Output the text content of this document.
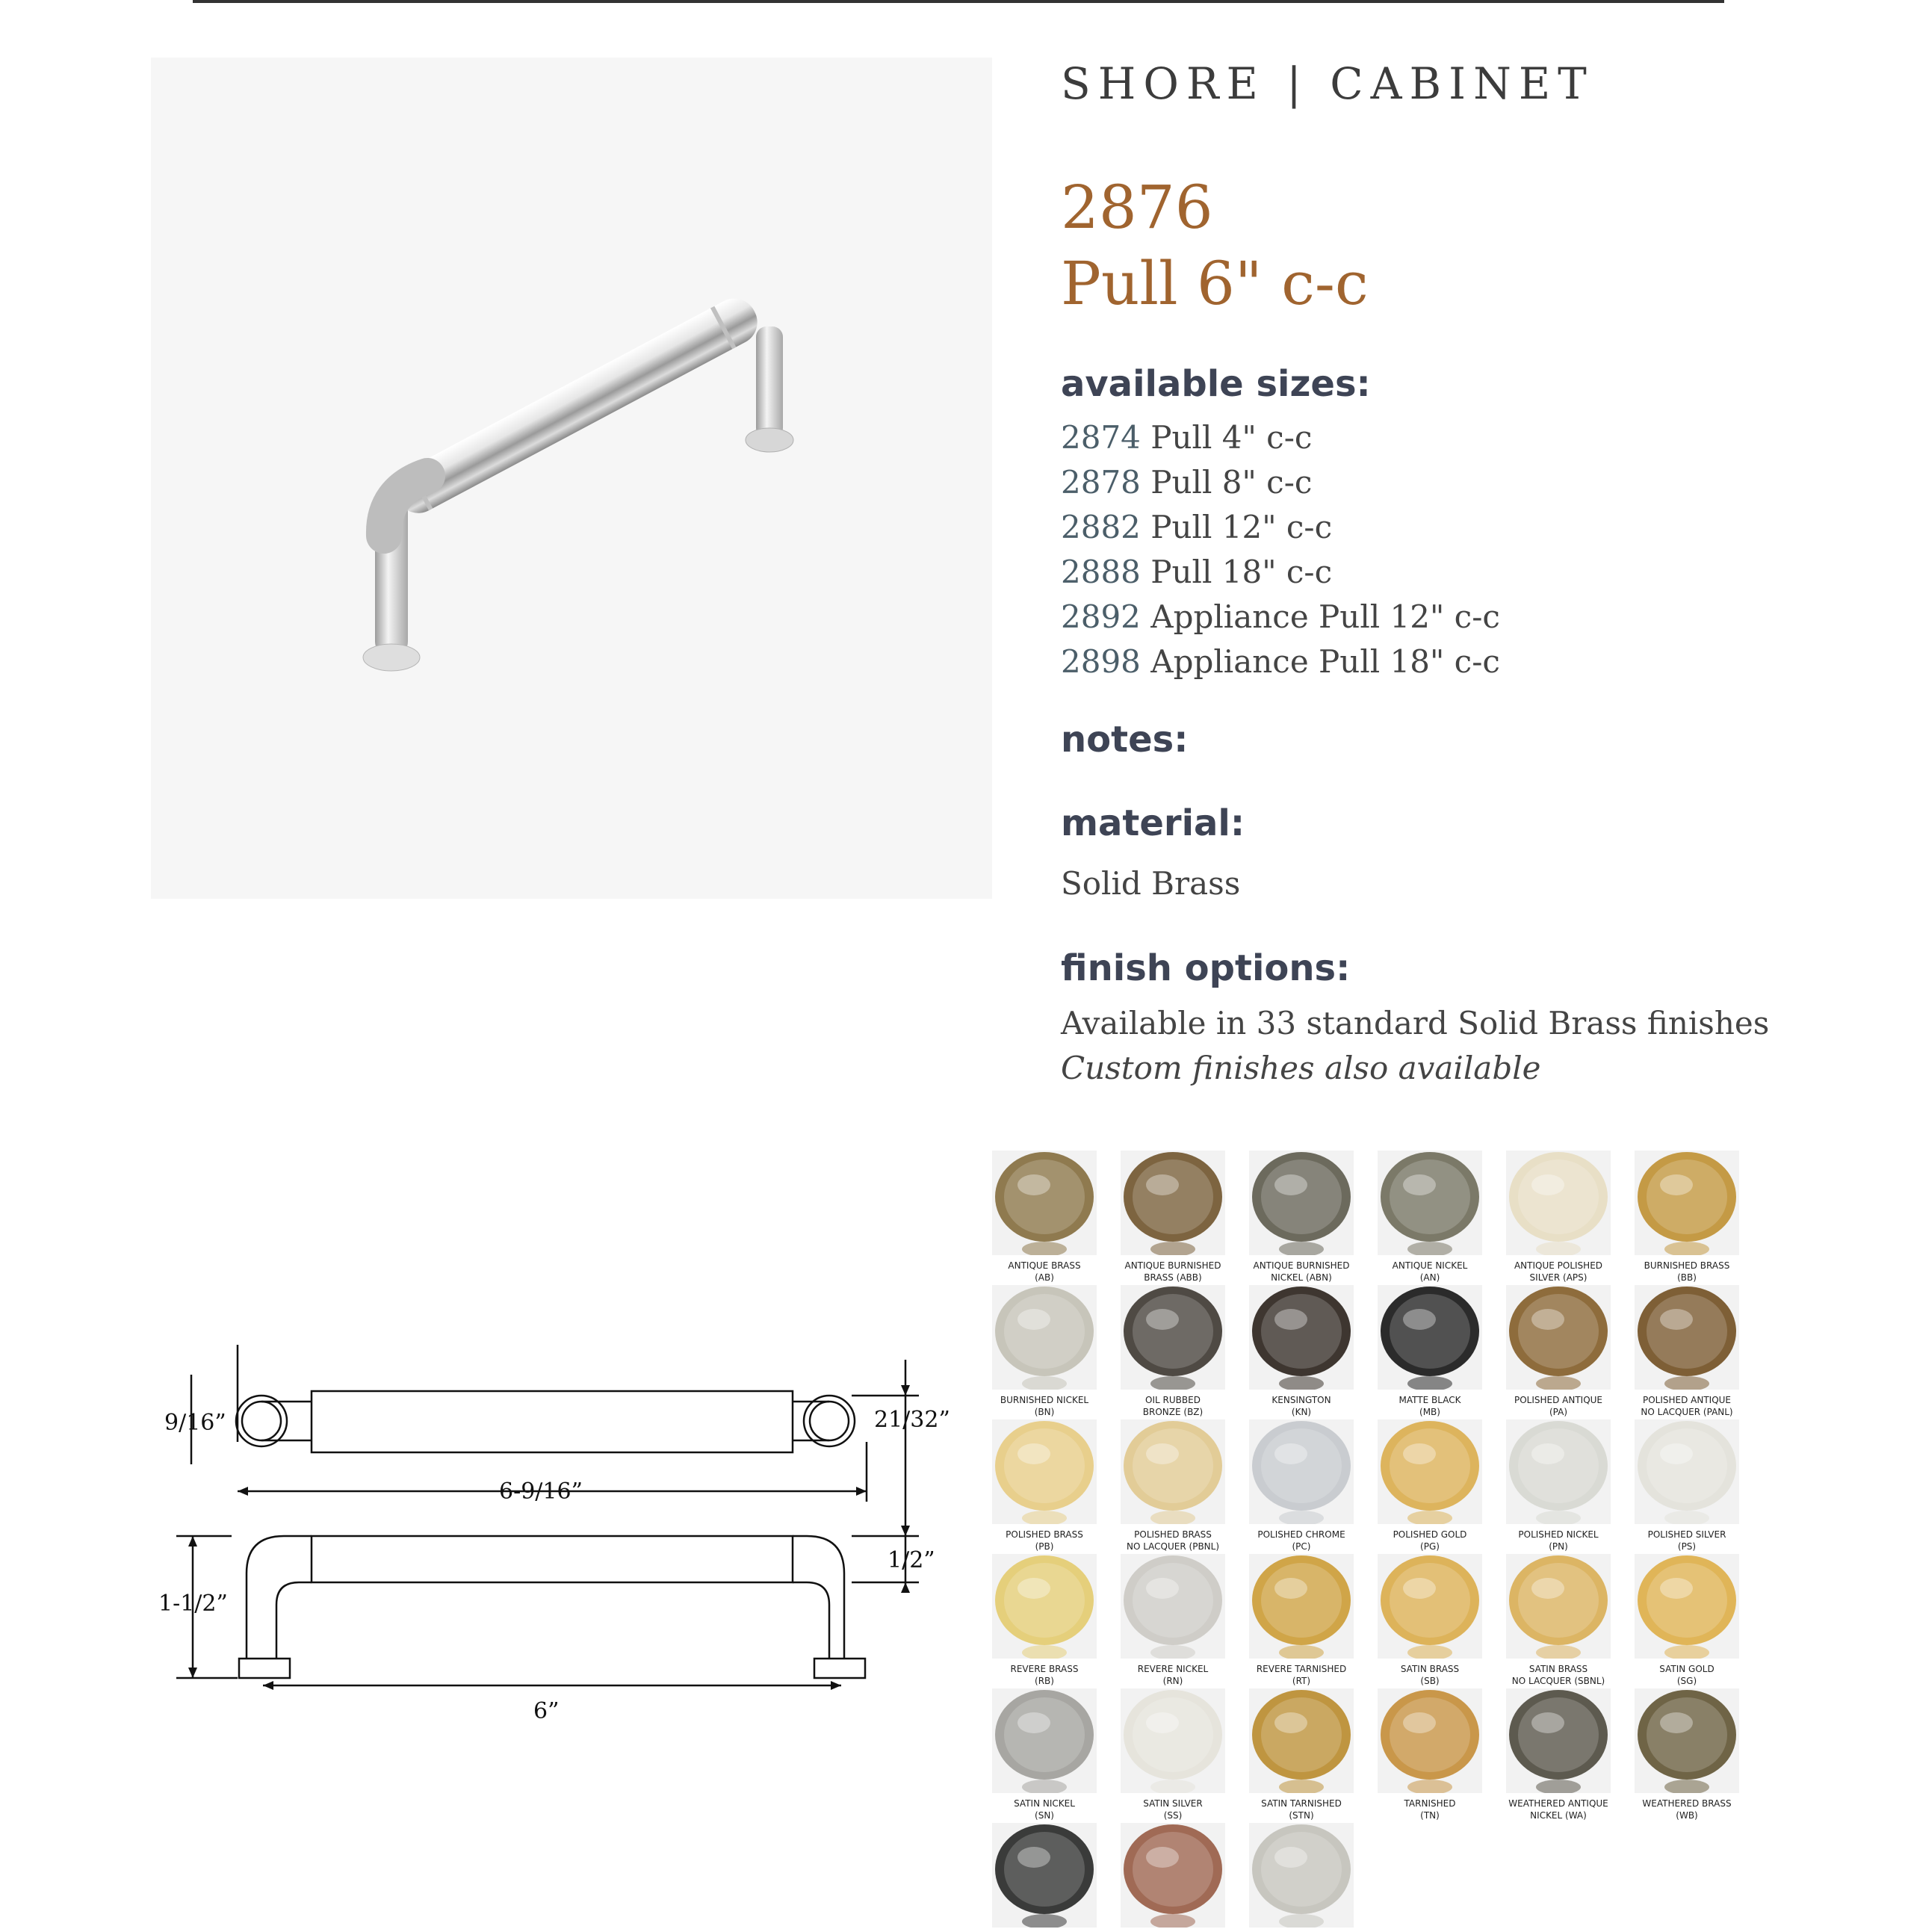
SHORE | CABINET
2876
Pull 6" c-c
available sizes:
2874 Pull 4" c-c
2878 Pull 8" c-c
2882 Pull 12" c-c
2888 Pull 18" c-c
2892 Appliance Pull 12" c-c
2898 Appliance Pull 18" c-c
notes:
material:
Solid Brass
finish options:
Available in 33 standard Solid Brass finishes
Custom finishes also available
9/16”	21/32”
6-9/16”
1/2”
1-1/2”
6”
ANTIQUE BRASS
(AB)
ANTIQUE BURNISHED
BRASS (ABB)
ANTIQUE BURNISHED
NICKEL (ABN)
ANTIQUE NICKEL
(AN)
ANTIQUE POLISHED
SILVER (APS)
BURNISHED BRASS
(BB)
BURNISHED NICKEL
(BN)
OIL RUBBED
BRONZE (BZ)
KENSINGTON
(KN)
MATTE BLACK
(MB)
POLISHED ANTIQUE
(PA)
POLISHED ANTIQUE
NO LACQUER (PANL)
POLISHED BRASS
(PB)
POLISHED BRASS
NO LACQUER (PBNL)
POLISHED CHROME
(PC)
POLISHED GOLD
(PG)
POLISHED NICKEL
(PN)
POLISHED SILVER
(PS)
REVERE BRASS
(RB)
REVERE NICKEL
(RN)
REVERE TARNISHED
(RT)
SATIN BRASS
(SB)
SATIN BRASS
NO LACQUER (SBNL)
SATIN GOLD
(SG)
SATIN NICKEL
(SN)
SATIN SILVER
(SS)
SATIN TARNISHED
(STN)
TARNISHED
(TN)
WEATHERED ANTIQUE
NICKEL (WA)
WEATHERED BRASS
(WB)
